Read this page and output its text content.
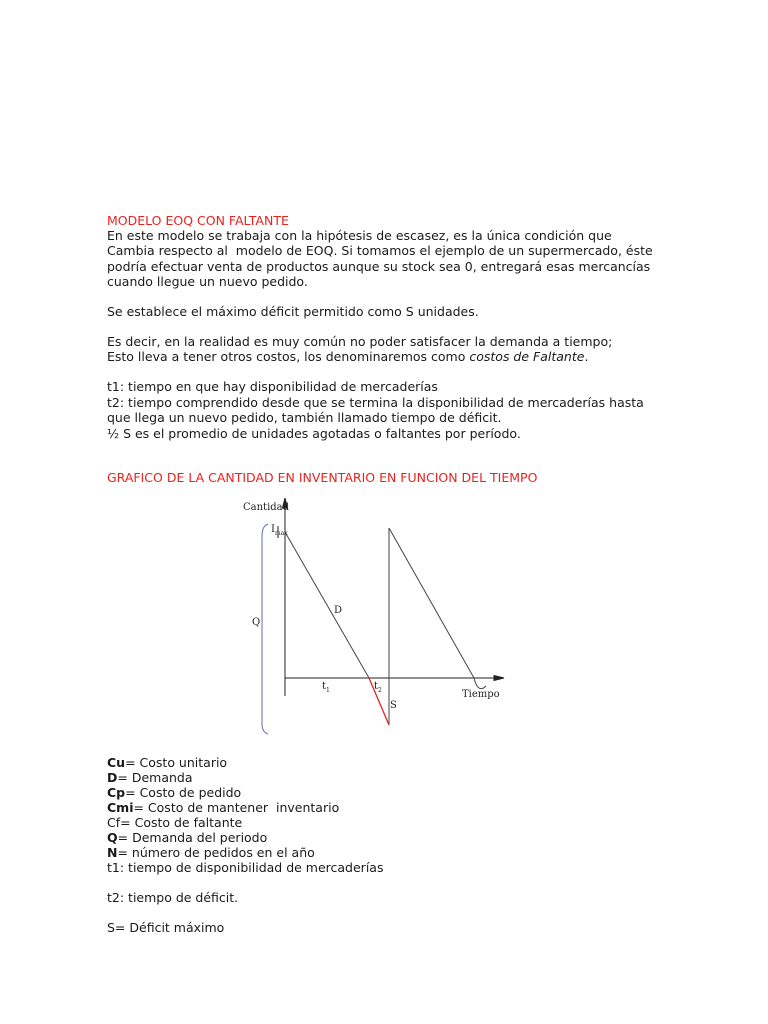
MODELO EOQ CON FALTANTE
En este modelo se trabaja con la hipótesis de escasez, es la única condición que
Cambia respecto al  modelo de EOQ. Si tomamos el ejemplo de un supermercado, éste
podría efectuar venta de productos aunque su stock sea 0, entregará esas mercancías
cuando llegue un nuevo pedido.
Se establece el máximo déficit permitido como S unidades.
Es decir, en la realidad es muy común no poder satisfacer la demanda a tiempo;
Esto lleva a tener otros costos, los denominaremos como costos de Faltante.
t1: tiempo en que hay disponibilidad de mercaderías
t2: tiempo comprendido desde que se termina la disponibilidad de mercaderías hasta
que llega un nuevo pedido, también llamado tiempo de déficit.
½ S es el promedio de unidades agotadas o faltantes por período.
GRAFICO DE LA CANTIDAD EN INVENTARIO EN FUNCION DEL TIEMPO
Cantidad
Tiempo
$I_{max}$
Q
D
S
$t_1$	$t_2$
Cu= Costo unitario
D= Demanda
Cp= Costo de pedido
Cmi= Costo de mantener  inventario
Cf= Costo de faltante
Q= Demanda del periodo
N= número de pedidos en el año
t1: tiempo de disponibilidad de mercaderías
t2: tiempo de déficit.
S= Déficit máximo
